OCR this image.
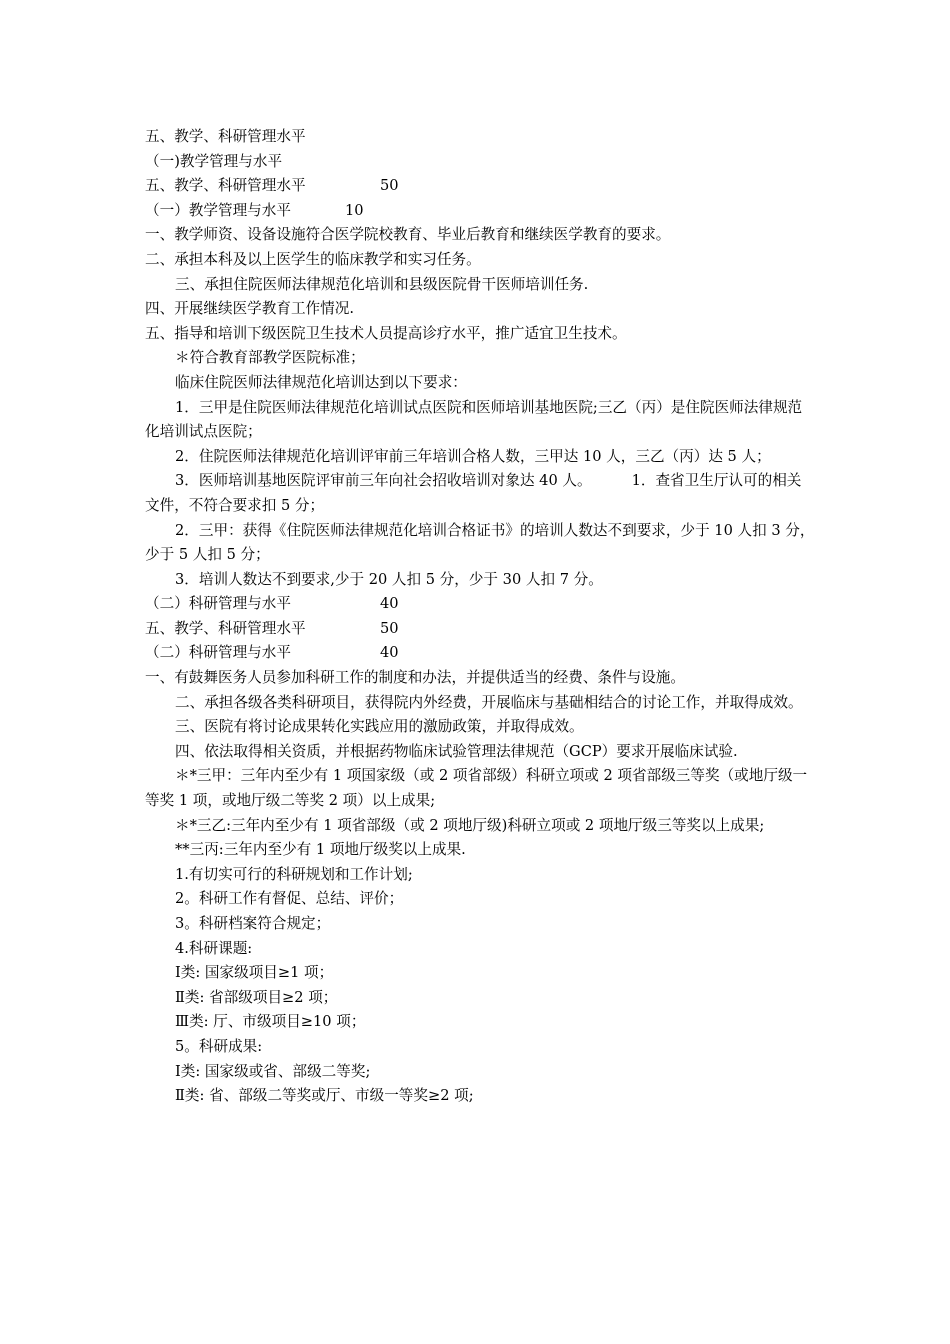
五、教学、科研管理水平
（一)教学管理与水平
五、教学、科研管理水平	50
（一）教学管理与水平	10
一、教学师资、设备设施符合医学院校教育、毕业后教育和继续医学教育的要求。
二、承担本科及以上医学生的临床教学和实习任务。
三、承担住院医师法律规范化培训和县级医院骨干医师培训任务.
四、开展继续医学教育工作情况.
五、指导和培训下级医院卫生技术人员提高诊疗水平，推广适宜卫生技术。
＊符合教育部教学医院标准；
临床住院医师法律规范化培训达到以下要求：
1．三甲是住院医师法律规范化培训试点医院和医师培训基地医院;三乙（丙）是住院医师法律规范化培训试点医院；
2．住院医师法律规范化培训评审前三年培训合格人数，三甲达 10 人，三乙（丙）达 5 人；
3．医师培训基地医院评审前三年向社会招收培训对象达 40 人。	1．查省卫生厅认可的相关文件，不符合要求扣 5 分；
2．三甲：获得《住院医师法律规范化培训合格证书》的培训人数达不到要求，少于 10 人扣 3 分，少于 5 人扣 5 分；
3．培训人数达不到要求,少于 20 人扣 5 分，少于 30 人扣 7 分。
（二）科研管理与水平	40
五、教学、科研管理水平	50
（二）科研管理与水平	40
一、有鼓舞医务人员参加科研工作的制度和办法，并提供适当的经费、条件与设施。
二、承担各级各类科研项目，获得院内外经费，开展临床与基础相结合的讨论工作，并取得成效。
三、医院有将讨论成果转化实践应用的激励政策，并取得成效。
四、依法取得相关资质，并根据药物临床试验管理法律规范（GCP）要求开展临床试验.
＊*三甲：三年内至少有 1 项国家级（或 2 项省部级）科研立项或 2 项省部级三等奖（或地厅级一等奖 1 项，或地厅级二等奖 2 项）以上成果;
＊*三乙:三年内至少有 1 项省部级（或 2 项地厅级)科研立项或 2 项地厅级三等奖以上成果;
**三丙:三年内至少有 1 项地厅级奖以上成果.
1.有切实可行的科研规划和工作计划;
2。科研工作有督促、总结、评价；
3。科研档案符合规定；
4.科研课题:
Ⅰ类: 国家级项目≥1 项；
Ⅱ类: 省部级项目≥2 项；
Ⅲ类: 厅、市级项目≥10 项；
5。科研成果:
Ⅰ类: 国家级或省、部级二等奖;
Ⅱ类: 省、部级二等奖或厅、市级一等奖≥2 项;
